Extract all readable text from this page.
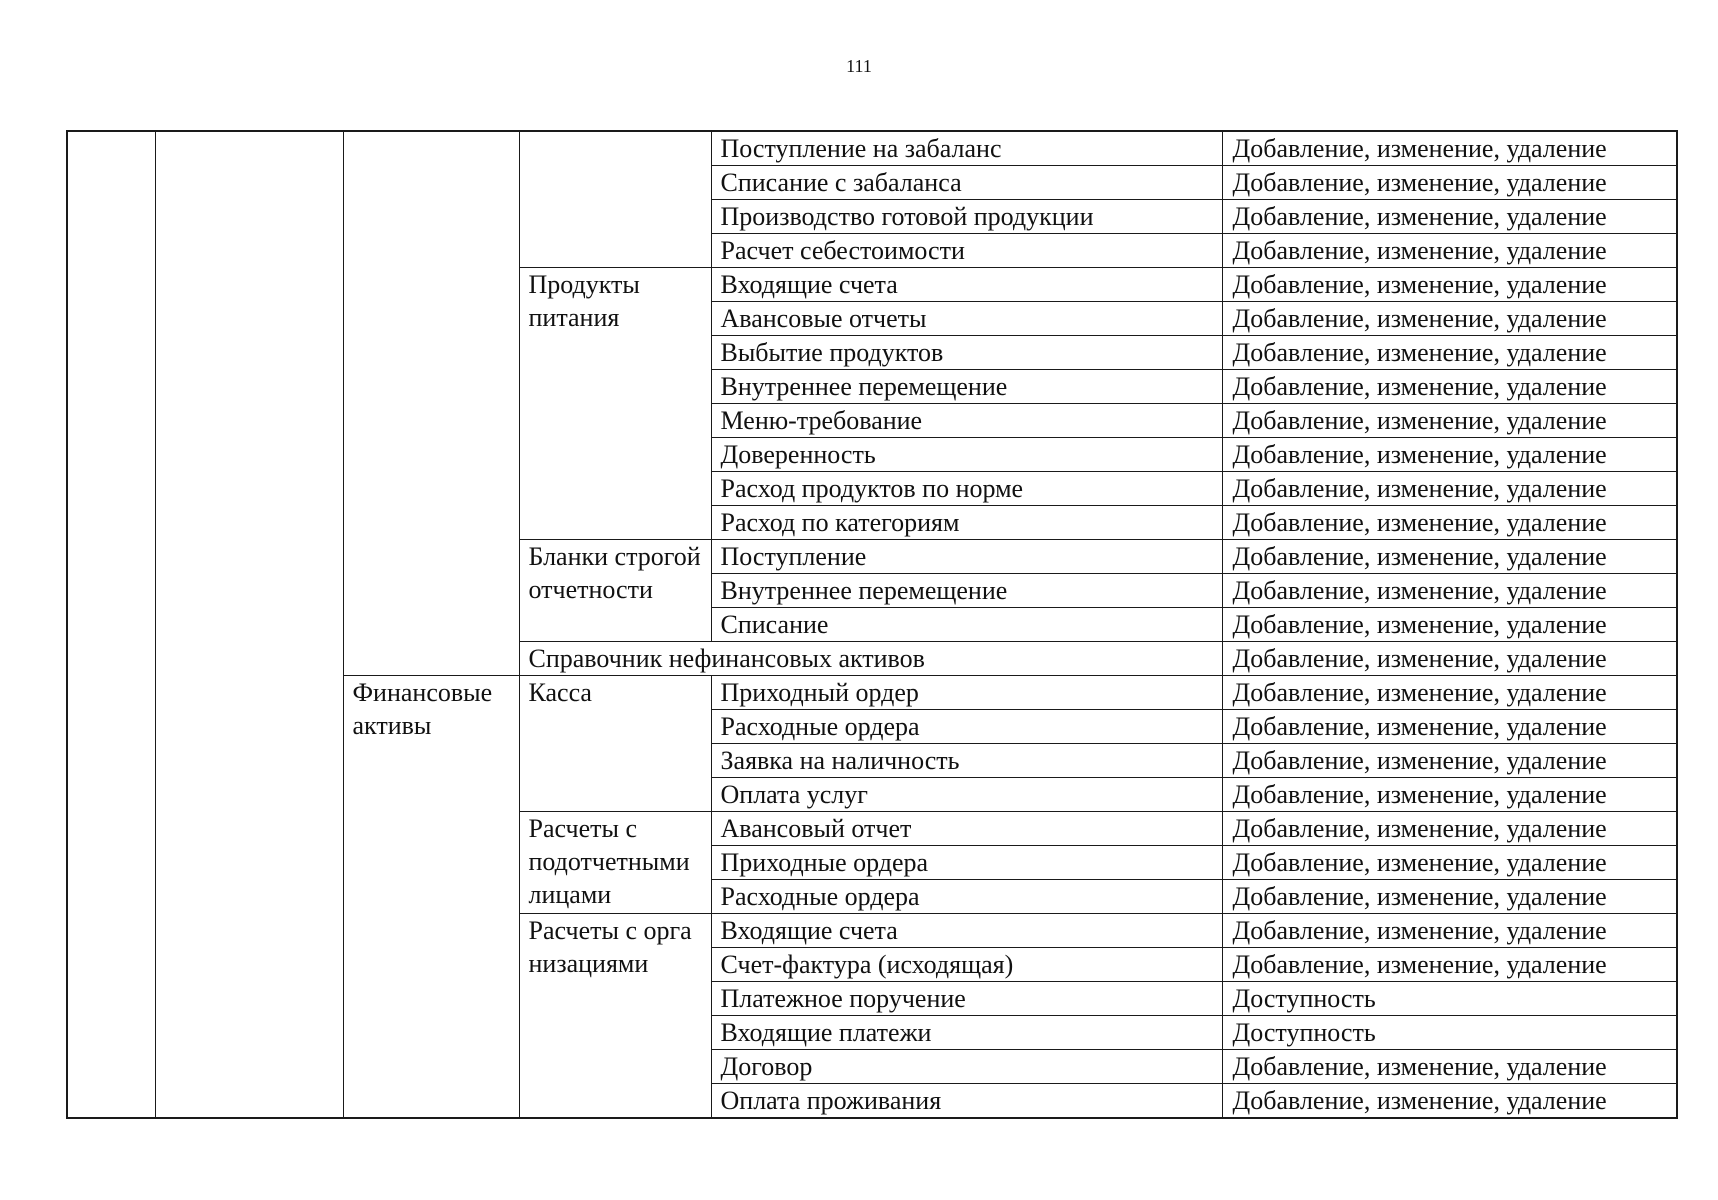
111
				Поступление на забаланс	Добавление, изменение, удаление
				Списание с забаланса	Добавление, изменение, удаление
				Производство готовой продукции	Добавление, изменение, удаление
				Расчет себестоимости	Добавление, изменение, удаление
			Продукты питания	Входящие счета	Добавление, изменение, удаление
				Авансовые отчеты	Добавление, изменение, удаление
				Выбытие продуктов	Добавление, изменение, удаление
				Внутреннее перемещение	Добавление, изменение, удаление
				Меню-требование	Добавление, изменение, удаление
				Доверенность	Добавление, изменение, удаление
				Расход продуктов по норме	Добавление, изменение, удаление
				Расход по категориям	Добавление, изменение, удаление
			Бланки строгой отчетности	Поступление	Добавление, изменение, удаление
				Внутреннее перемещение	Добавление, изменение, удаление
				Списание	Добавление, изменение, удаление
			Справочник нефинансовых активов		Добавление, изменение, удаление
		Финансовые активы	Касса	Приходный ордер	Добавление, изменение, удаление
				Расходные ордера	Добавление, изменение, удаление
				Заявка на наличность	Добавление, изменение, удаление
				Оплата услуг	Добавление, изменение, удаление
			Расчеты с подотчетными лицами	Авансовый отчет	Добавление, изменение, удаление
				Приходные ордера	Добавление, изменение, удаление
				Расходные ордера	Добавление, изменение, удаление
			Расчеты с организациями	Входящие счета	Добавление, изменение, удаление
				Счет-фактура (исходящая)	Добавление, изменение, удаление
				Платежное поручение	Доступность
				Входящие платежи	Доступность
				Договор	Добавление, изменение, удаление
				Оплата проживания	Добавление, изменение, удаление
